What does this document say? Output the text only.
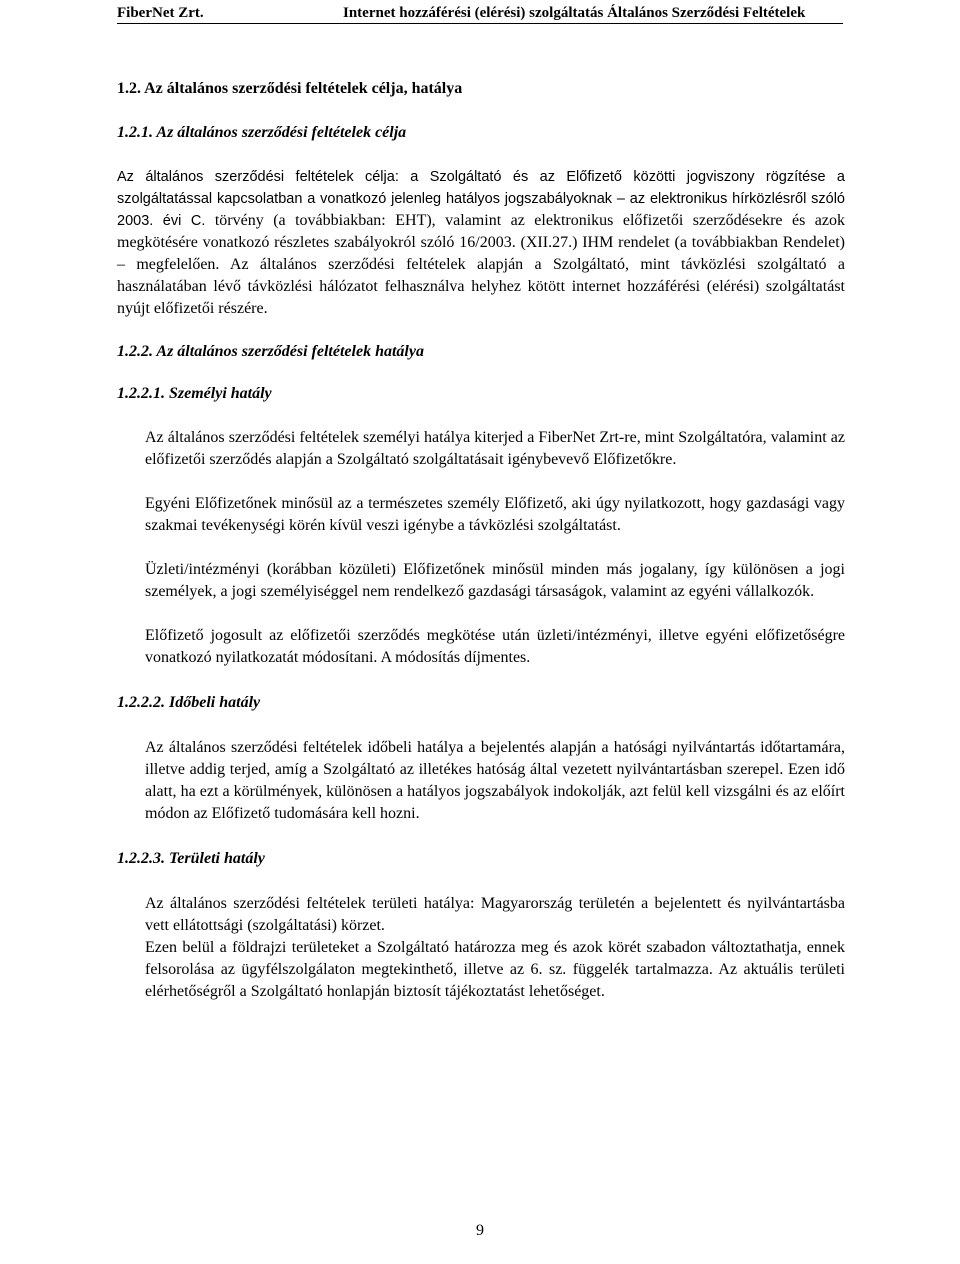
FiberNet Zrt.	Internet hozzáférési (elérési) szolgáltatás Általános Szerződési Feltételek

1.2. Az általános szerződési feltételek célja, hatálya

1.2.1. Az általános szerződési feltételek célja

Az általános szerződési feltételek célja: a Szolgáltató és az Előfizető közötti jogviszony rögzítése a szolgáltatással kapcsolatban a vonatkozó jelenleg hatályos jogszabályoknak – az elektronikus hírközlésről szóló 2003. évi C. törvény (a továbbiakban: EHT), valamint az elektronikus előfizetői szerződésekre és azok megkötésére vonatkozó részletes szabályokról szóló 16/2003. (XII.27.) IHM rendelet (a továbbiakban Rendelet) – megfelelően. Az általános szerződési feltételek alapján a Szolgáltató, mint távközlési szolgáltató a használatában lévő távközlési hálózatot felhasználva helyhez kötött internet hozzáférési (elérési) szolgáltatást nyújt előfizetői részére.

1.2.2. Az általános szerződési feltételek hatálya

1.2.2.1. Személyi hatály

Az általános szerződési feltételek személyi hatálya kiterjed a FiberNet Zrt-re, mint Szolgáltatóra, valamint az előfizetői szerződés alapján a Szolgáltató szolgáltatásait igénybevevő Előfizetőkre.

Egyéni Előfizetőnek minősül az a természetes személy Előfizető, aki úgy nyilatkozott, hogy gazdasági vagy szakmai tevékenységi körén kívül veszi igénybe a távközlési szolgáltatást.

Üzleti/intézményi (korábban közületi) Előfizetőnek minősül minden más jogalany, így különösen a jogi személyek, a jogi személyiséggel nem rendelkező gazdasági társaságok, valamint az egyéni vállalkozók.

Előfizető jogosult az előfizetői szerződés megkötése után üzleti/intézményi, illetve egyéni előfizetőségre vonatkozó nyilatkozatát módosítani. A módosítás díjmentes.

1.2.2.2. Időbeli hatály

Az általános szerződési feltételek időbeli hatálya a bejelentés alapján a hatósági nyilvántartás időtartamára, illetve addig terjed, amíg a Szolgáltató az illetékes hatóság által vezetett nyilvántartásban szerepel. Ezen idő alatt, ha ezt a körülmények, különösen a hatályos jogszabályok indokolják, azt felül kell vizsgálni és az előírt módon az Előfizető tudomására kell hozni.

1.2.2.3. Területi hatály

Az általános szerződési feltételek területi hatálya: Magyarország területén a bejelentett és nyilvántartásba vett ellátottsági (szolgáltatási) körzet.

Ezen belül a földrajzi területeket a Szolgáltató határozza meg és azok körét szabadon változtathatja, ennek felsorolása az ügyfélszolgálaton megtekinthető, illetve az 6. sz. függelék tartalmazza. Az aktuális területi elérhetőségről a Szolgáltató honlapján biztosít tájékoztatást lehetőséget.

9
